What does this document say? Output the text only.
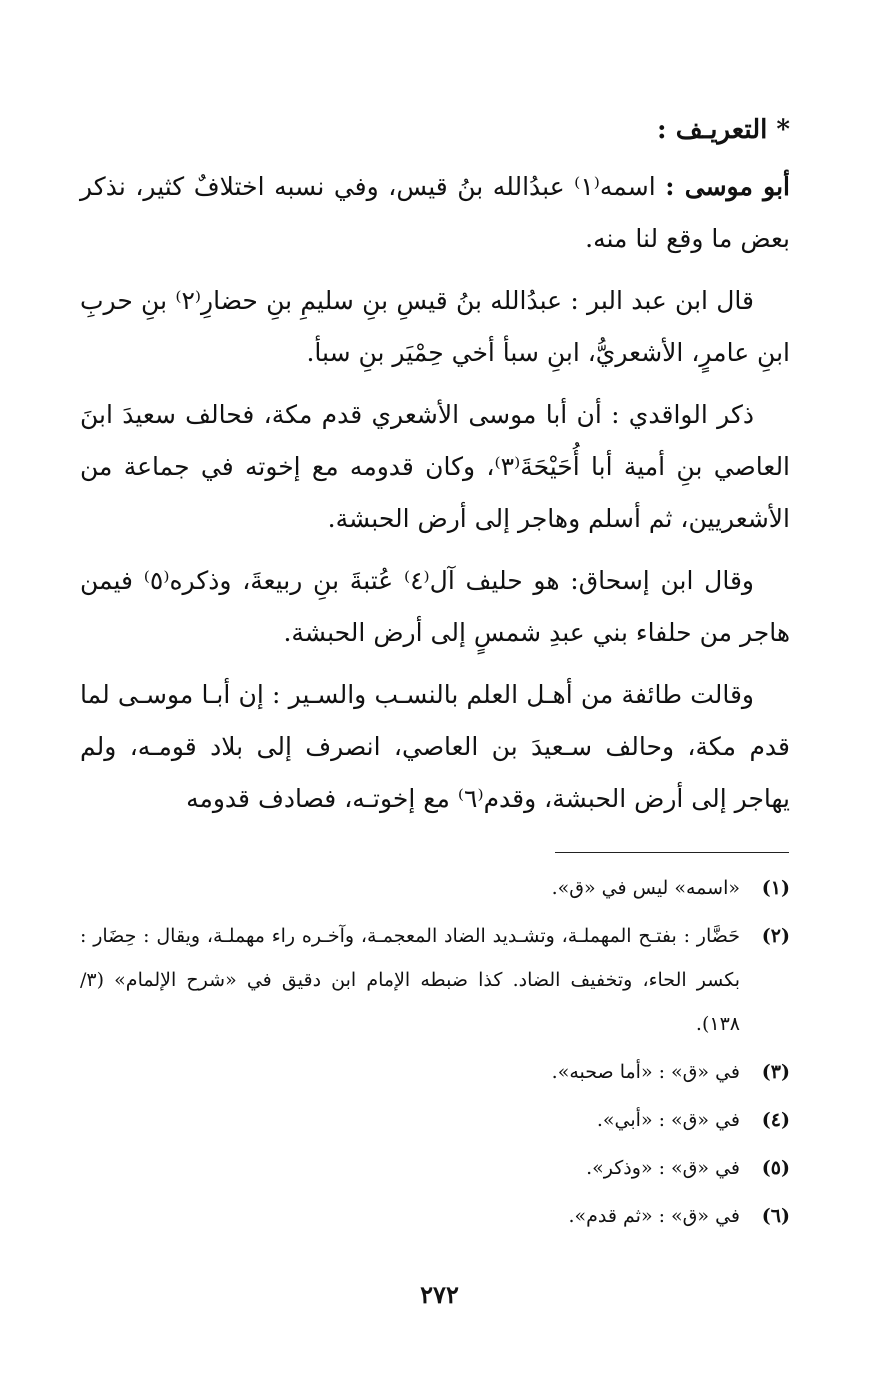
* التعريـف :

أبو موسى : اسمه⁽١⁾ عبدُالله بنُ قيس، وفي نسبه اختلافٌ كثير، نذكر بعض ما وقع لنا منه.

قال ابن عبد البر : عبدُالله بنُ قيسِ بنِ سليمِ بنِ حضارِ⁽٢⁾ بنِ حربِ ابنِ عامرٍ، الأشعريُّ، ابنِ سبأ أخي حِمْيَر بنِ سبأ.

ذكر الواقدي : أن أبا موسى الأشعري قدم مكة، فحالف سعيدَ ابنَ العاصي بنِ أمية أبا أُحَيْحَةَ⁽٣⁾، وكان قدومه مع إخوته في جماعة من الأشعريين، ثم أسلم وهاجر إلى أرض الحبشة.

وقال ابن إسحاق: هو حليف آل⁽٤⁾ عُتبةَ بنِ ربيعةَ، وذكره⁽٥⁾ فيمن هاجر من حلفاء بني عبدِ شمسٍ إلى أرض الحبشة.

وقالت طائفة من أهـل العلم بالنسـب والسـير : إن أبـا موسـى لما قدم مكة، وحالف سـعيدَ بن العاصي، انصرف إلى بلاد قومـه، ولم يهاجر إلى أرض الحبشة، وقدم⁽٦⁾ مع إخوتـه، فصادف قدومه

(١)
«اسمه» ليس في «ق».
(٢)
حَضَّار : بفتـح المهملـة، وتشـديد الضاد المعجمـة، وآخـره راء مهملـة، ويقال : حِضَار : بكسر الحاء، وتخفيف الضاد. كذا ضبطه الإمام ابن دقيق في «شرح الإلمام» (٣/ ١٣٨).
(٣)
في «ق» : «أما صحبه».
(٤)
في «ق» : «أبي».
(٥)
في «ق» : «وذكر».
(٦)
في «ق» : «ثم قدم».
٢٧٢
